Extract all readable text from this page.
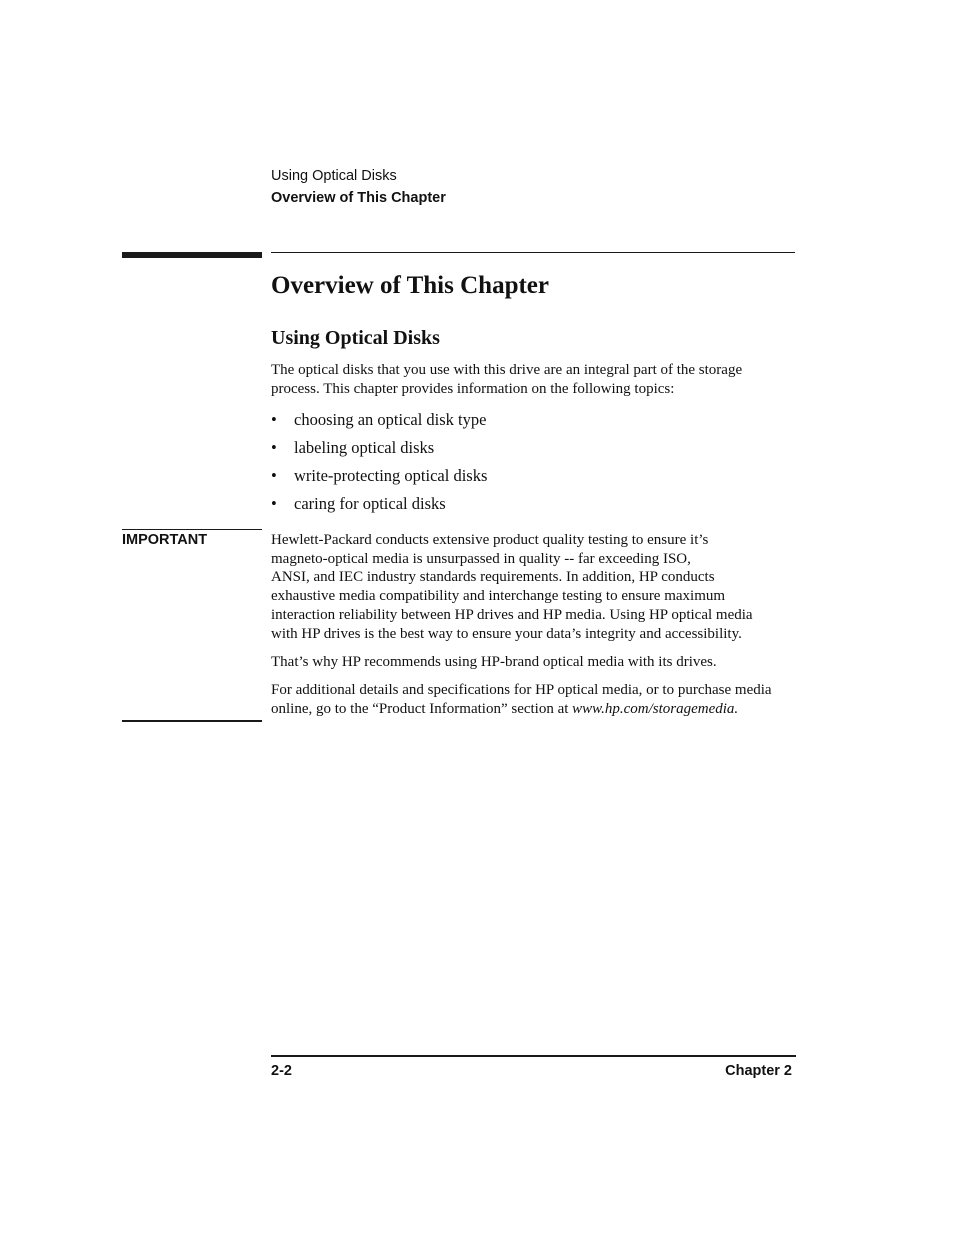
Using Optical Disks
Overview of This Chapter
Overview of This Chapter
Using Optical Disks

The optical disks that you use with this drive are an integral part of the storage
process. This chapter provides information on the following topics:

• choosing an optical disk type
• labeling optical disks
• write-protecting optical disks
• caring for optical disks
IMPORTANT	Hewlett-Packard conducts extensive product quality testing to ensure it’s
magneto-optical media is unsurpassed in quality -- far exceeding ISO,
ANSI, and IEC industry standards requirements. In addition, HP conducts
exhaustive media compatibility and interchange testing to ensure maximum
interaction reliability between HP drives and HP media. Using HP optical media
with HP drives is the best way to ensure your data’s integrity and accessibility.

That’s why HP recommends using HP-brand optical media with its drives.

For additional details and specifications for HP optical media, or to purchase media
online, go to the “Product Information” section at www.hp.com/storagemedia.

2-2	Chapter 2
